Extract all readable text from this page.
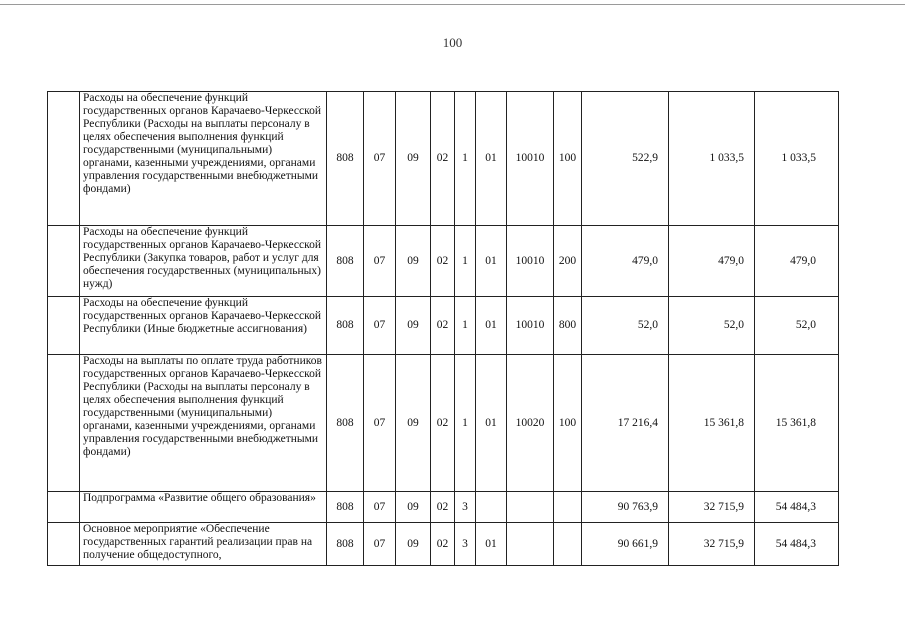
100
	Расходы на обеспечение функций государственных органов Карачаево-Черкесской Республики (Расходы на выплаты персоналу в целях обеспечения выполнения функций государственными (муниципальными) органами, казенными учреждениями, органами управления государственными внебюджетными фондами)	808	07	09	02	1	01	10010	100	522,9	1 033,5	1 033,5
	Расходы на обеспечение функций государственных органов Карачаево-Черкесской Республики (Закупка товаров, работ и услуг для обеспечения государственных (муниципальных) нужд)	808	07	09	02	1	01	10010	200	479,0	479,0	479,0
	Расходы на обеспечение функций государственных органов Карачаево-Черкесской Республики (Иные бюджетные ассигнования)	808	07	09	02	1	01	10010	800	52,0	52,0	52,0
	Расходы на выплаты по оплате труда работников государственных органов Карачаево-Черкесской Республики (Расходы на выплаты персоналу в целях обеспечения выполнения функций государственными (муниципальными) органами, казенными учреждениями, органами управления государственными внебюджетными фондами)	808	07	09	02	1	01	10020	100	17 216,4	15 361,8	15 361,8
	Подпрограмма «Развитие общего образования»	808	07	09	02	3				90 763,9	32 715,9	54 484,3
	Основное мероприятие «Обеспечение государственных гарантий реализации прав на получение общедоступного,	808	07	09	02	3	01			90 661,9	32 715,9	54 484,3
